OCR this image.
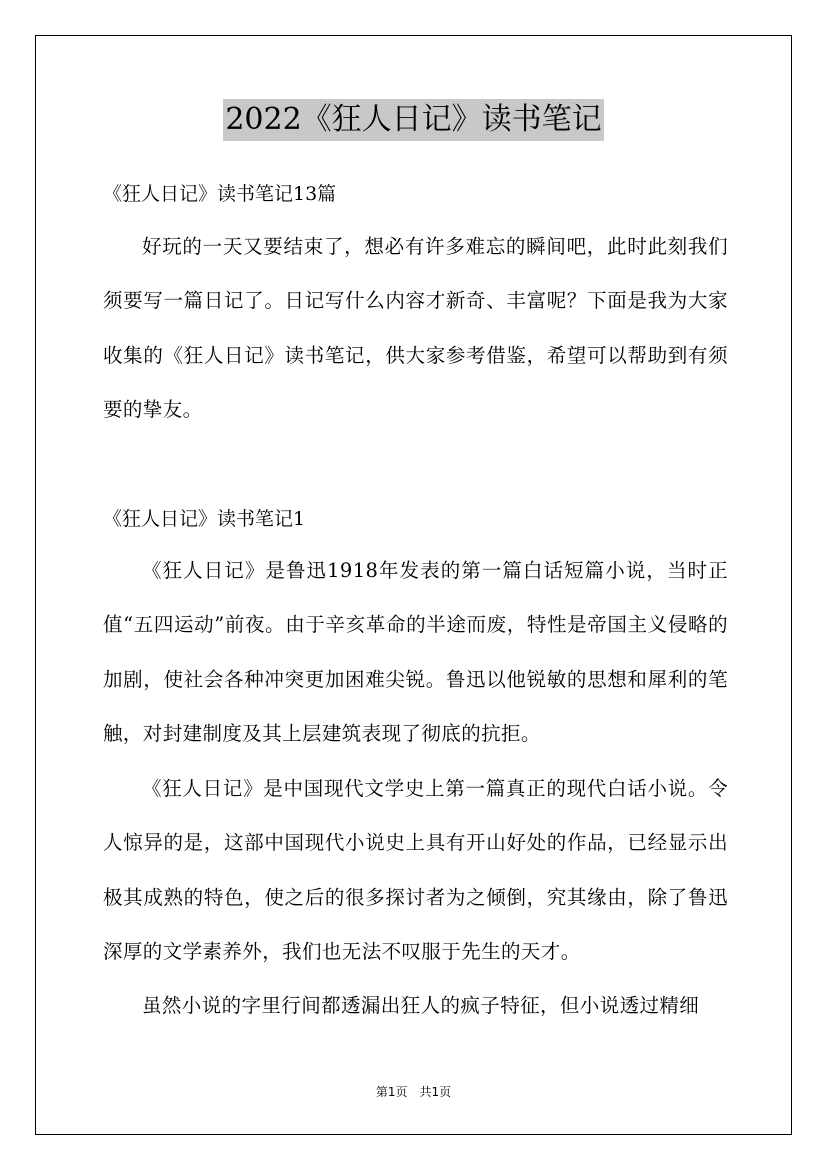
2022《狂人日记》读书笔记
《狂人日记》读书笔记13篇
好玩的一天又要结束了，想必有许多难忘的瞬间吧，此时此刻我们须要写一篇日记了。日记写什么内容才新奇、丰富呢？下面是我为大家收集的《狂人日记》读书笔记，供大家参考借鉴，希望可以帮助到有须要的挚友。
《狂人日记》读书笔记1
《狂人日记》是鲁迅1918年发表的第一篇白话短篇小说，当时正值“五四运动”前夜。由于辛亥革命的半途而废，特性是帝国主义侵略的加剧，使社会各种冲突更加困难尖锐。鲁迅以他锐敏的思想和犀利的笔触，对封建制度及其上层建筑表现了彻底的抗拒。
《狂人日记》是中国现代文学史上第一篇真正的现代白话小说。令人惊异的是，这部中国现代小说史上具有开山好处的作品，已经显示出极其成熟的特色，使之后的很多探讨者为之倾倒，究其缘由，除了鲁迅深厚的文学素养外，我们也无法不叹服于先生的天才。
虽然小说的字里行间都透漏出狂人的疯子特征，但小说透过精细
第1页　共1页
